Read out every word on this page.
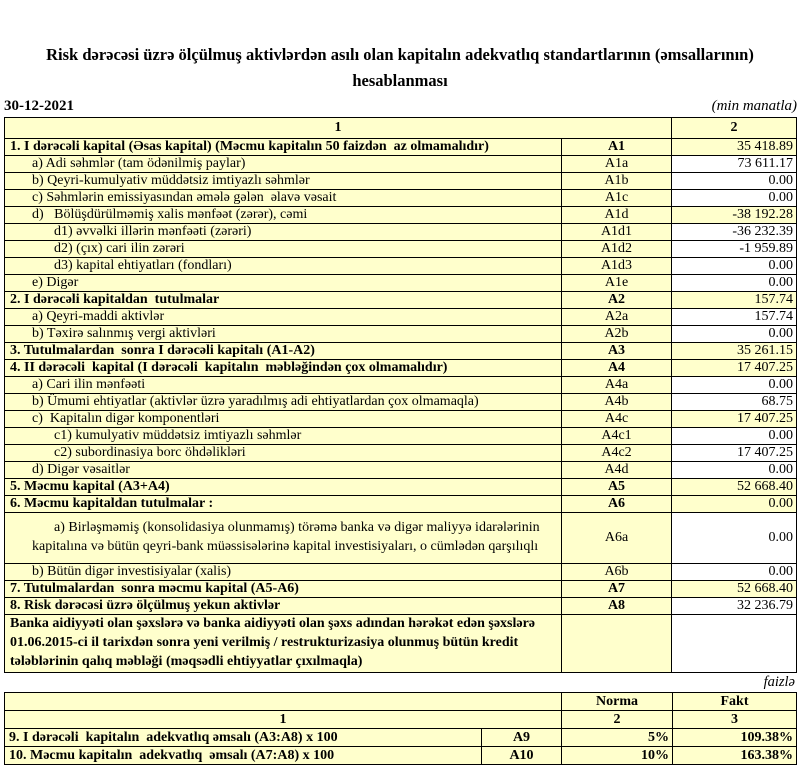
Risk dərəcəsi üzrə ölçülmuş aktivlərdən asılı olan kapitalın adekvatlıq standartlarının (əmsallarının)
hesablanması
30-12-2021	(min manatla)
1		2
1. I dərəcəli kapital (Əsas kapital) (Məcmu kapitalın 50 faizdən  az olmamalıdır)	A1	35 418.89
a) Adi səhmlər (tam ödənilmiş paylar)	A1a	73 611.17
b) Qeyri-kumulyativ müddətsiz imtiyazlı səhmlər	A1b	0.00
c) Səhmlərin emissiyasından əmələ gələn  əlavə vəsait	A1c	0.00
d)   Bölüşdürülməmiş xalis mənfəət (zərər), cəmi	A1d	-38 192.28
d1) əvvəlki illərin mənfəəti (zərəri)	A1d1	-36 232.39
d2) (çıx) cari ilin zərəri	A1d2	-1 959.89
d3) kapital ehtiyatları (fondları)	A1d3	0.00
e) Digər	A1e	0.00
2. I dərəcəli kapitaldan  tutulmalar	A2	157.74
a) Qeyri-maddi aktivlər	A2a	157.74
b) Təxirə salınmış vergi aktivləri	A2b	0.00
3. Tutulmalardan  sonra I dərəcəli kapitalı (A1-A2)	A3	35 261.15
4. II dərəcəli  kapital (I dərəcəli  kapitalın  məbləğindən çox olmamalıdır)	A4	17 407.25
a) Cari ilin mənfəəti	A4a	0.00
b) Ümumi ehtiyatlar (aktivlər üzrə yaradılmış adi ehtiyatlardan çox olmamaqla)	A4b	68.75
c)  Kapitalın digər komponentləri	A4c	17 407.25
c1) kumulyativ müddətsiz imtiyazlı səhmlər	A4c1	0.00
c2) subordinasiya borc öhdəlikləri	A4c2	17 407.25
d) Digər vəsaitlər	A4d	0.00
5. Məcmu kapital (A3+A4)	A5	52 668.40
6. Məcmu kapitaldan tutulmalar :	A6	0.00
a) Birləşməmiş (konsolidasiya olunmamış) törəmə banka və digər maliyyə idarələrinin kapitalına və bütün qeyri-bank müəssisələrinə kapital investisiyaları, o cümlədən qarşılıqlı	A6a	0.00
b) Bütün digər investisiyalar (xalis)	A6b	0.00
7. Tutulmalardan  sonra məcmu kapital (A5-A6)	A7	52 668.40
8. Risk dərəcəsi üzrə ölçülmuş yekun aktivlər	A8	32 236.79
Banka aidiyyəti olan şəxslərə və banka aidiyyəti olan şəxs adından hərəkət edən şəxslərə 01.06.2015-ci il tarixdən sonra yeni verilmiş / restrukturizasiya olunmuş bütün kredit tələblərinin qalıq məbləği (məqsədli ehtiyyatlar çıxılmaqla)		
faizlə
		Norma	Fakt
1		2	3
9. I dərəcəli  kapitalın  adekvatlıq əmsalı (A3:A8) x 100	A9	5%	109.38%
10. Məcmu kapitalın  adekvatlıq  əmsalı (A7:A8) x 100	A10	10%	163.38%
